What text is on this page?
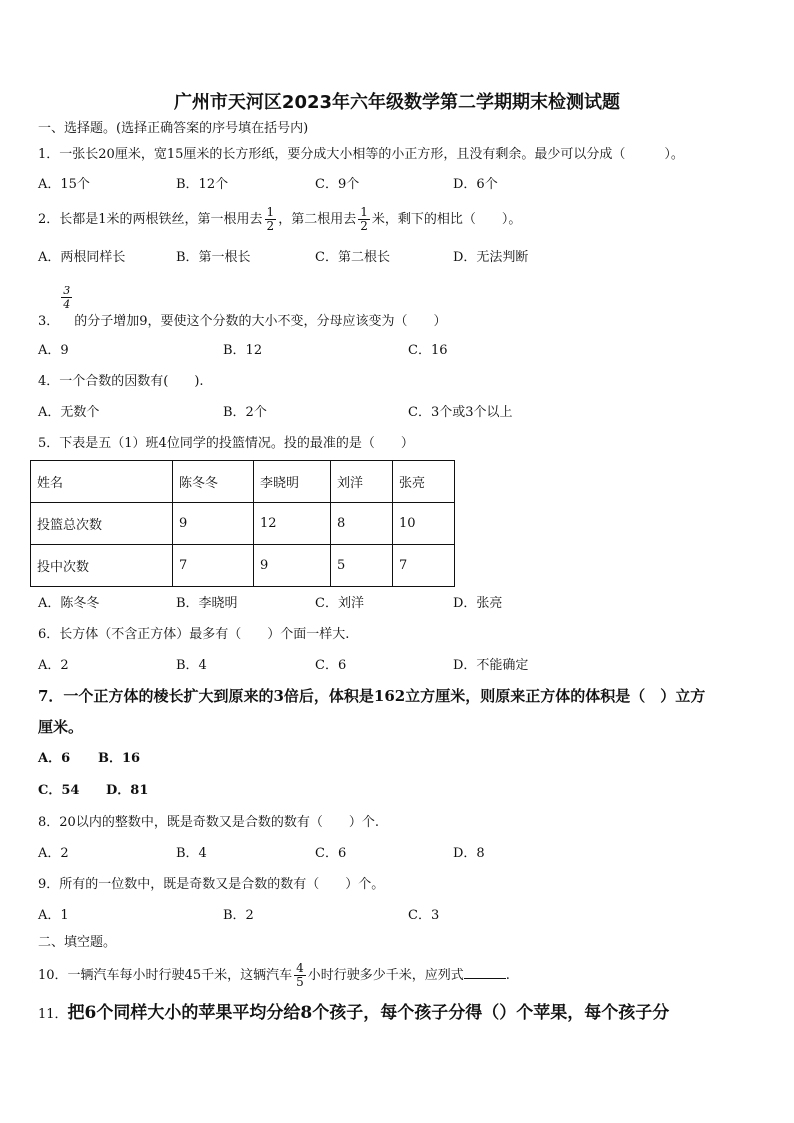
广州市天河区2023年六年级数学第二学期期末检测试题
一、选择题。(选择正确答案的序号填在括号内)
1．一张长20厘米，宽15厘米的长方形纸，要分成大小相等的小正方形，且没有剩余。最少可以分成（　　　）。
A．15个	B．12个	C．9个	D．6个
2．长都是1米的两根铁丝，第一根用去 $\frac{1}{2}$ ，第二根用去 $\frac{1}{2}$ 米，剩下的相比（　　）。
A．两根同样长	B．第一根长	C．第二根长	D．无法判断
3．
$\frac{3}{4}$
的分子增加9，要使这个分数的大小不变，分母应该变为（　　）
A．9	B．12	C．16
4．一个合数的因数有(　　).
A．无数个	B．2个	C．3个或3个以上
5．下表是五（1）班4位同学的投篮情况。投的最准的是（　　）
姓名	陈冬冬	李晓明	刘洋	张亮
投篮总次数	9	12	8	10
投中次数	7	9	5	7
A．陈冬冬	B．李晓明	C．刘洋	D．张亮
6．长方体（不含正方体）最多有（　　）个面一样大.
A．2	B．4	C．6	D．不能确定
7．一个正方体的棱长扩大到原来的3倍后，体积是162立方厘米，则原来正方体的体积是（　）立方
厘米。
A．6 B．16
C．54 D．81
8．20以内的整数中，既是奇数又是合数的数有（　　）个.
A．2	B．4	C．6	D．8
9．所有的一位数中，既是奇数又是合数的数有（　　）个。
A．1	B．2	C．3
二、填空题。
10．一辆汽车每小时行驶45千米，这辆汽车 $\frac{4}{5}$ 小时行驶多少千米，应列式	.
11．把6个同样大小的苹果平均分给8个孩子，每个孩子分得（）个苹果，每个孩子分
